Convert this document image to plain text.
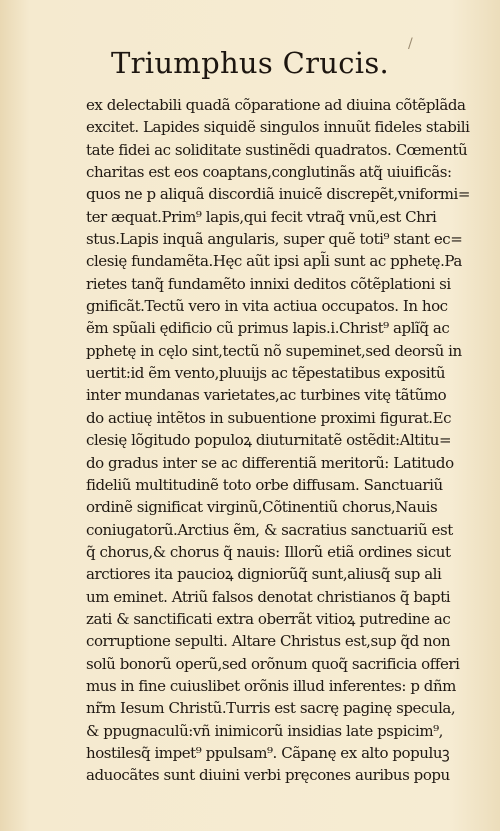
/
Triumphus Crucis.
ex delectabili quadã cõparatione ad diuina cõtẽplãda
excitet. Lapides siquidẽ singulos innuũt fideles stabili
tate fidei ac soliditate sustinẽdi quadratos. Cœmentũ
charitas est eos coaptans,conglutinãs atq̃ uiuificãs:
quos ne p aliquã discordiã inuicẽ discrepẽt,vniformi=
ter æquat.Prim⁹ lapis,qui fecit vtraq̃ vnũ,est Chri
stus.Lapis inquã angularis, super quẽ toti⁹ stant ec=
clesię fundamẽta.Hęc aũt ipsi apl̃i sunt ac pphetę.Pa
rietes tanq̃ fundamẽto innixi deditos cõtẽplationi si
gnificãt.Tectũ vero in vita actiua occupatos. In hoc
ẽm spũali ędificio cũ primus lapis.i.Christ⁹ aplĩq̃ ac
pphetę in cęlo sint,tectũ nõ supeminet,sed deorsũ in
uertit:id ẽm vento,pluuijs ac tẽpestatibus expositũ
inter mundanas varietates,ac turbines vitę tãtũmo
do actiuę intẽtos in subuentione proximi figurat.Ec
clesię lõgitudo populoꝝ diuturnitatẽ ostẽdit:Altitu=
do gradus inter se ac differentiã meritorũ: Latitudo
fideliũ multitudinẽ toto orbe diffusam. Sanctuariũ
ordinẽ significat virginũ,Cõtinentiũ chorus,Nauis
coniugatorũ.Arctius ẽm, & sacratius sanctuariũ est
q̃ chorus,& chorus q̃ nauis: Illorũ etiã ordines sicut
arctiores ita paucioꝝ digniorũq̃ sunt,aliusq̃ sup ali
um eminet. Atriũ falsos denotat christianos q̃ bapti
zati & sanctificati extra oberrãt vitioꝝ putredine ac
corruptione sepulti. Altare Christus est,sup q̃d non
solũ bonorũ operũ,sed orõnum quoq̃ sacrificia offeri
mus in fine cuiuslibet orõnis illud inferentes: p dñm
nr̃m Iesum Christũ.Turris est sacrę paginę specula,
& ppugnaculũ:vñ inimicorũ insidias late pspicim⁹,
hostilesq̃ impet⁹ ppulsam⁹. Cãpanę ex alto populuꝫ
aduocãtes sunt diuini verbi pręcones auribus popu
